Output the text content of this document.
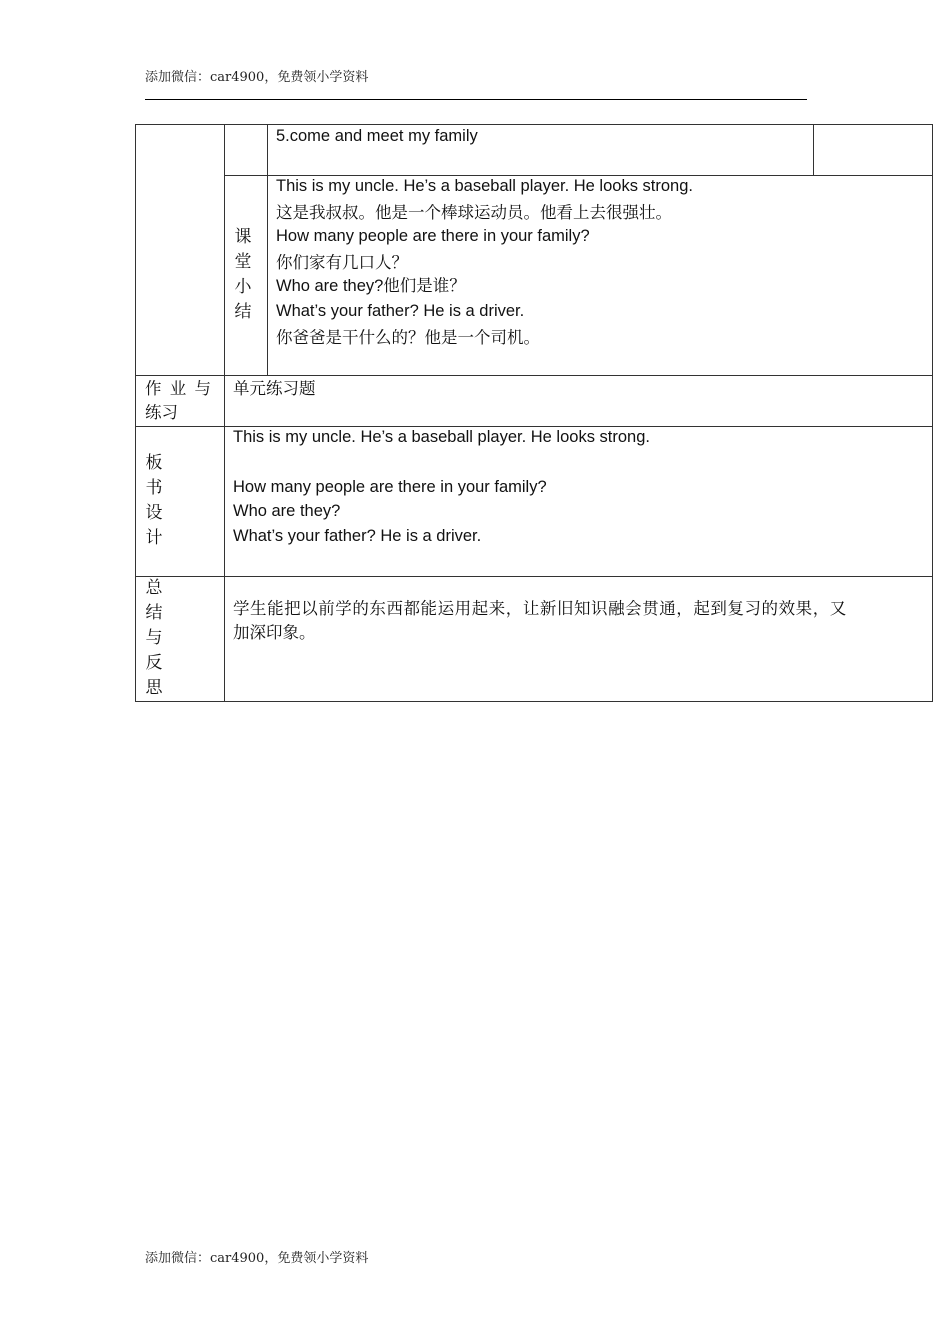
添加微信：car4900，免费领小学资料
5.come and meet my family
课
堂
小
结
This is my uncle. He’s a baseball player. He looks strong.
这是我叔叔。他是一个棒球运动员。他看上去很强壮。
How many people are there in your family?
你们家有几口人？
Who are they?他们是谁？
What’s your father? He is a driver.
你爸爸是干什么的？他是一个司机。
作 业 与
练习
单元练习题
板
书
设
计
This is my uncle. He’s a baseball player. He looks strong.
How many people are there in your family?
Who are they?
What’s your father? He is a driver.
总
结
与
反
思
学生能把以前学的东西都能运用起来，让新旧知识融会贯通，起到复习的效果，又
加深印象。
添加微信：car4900，免费领小学资料
